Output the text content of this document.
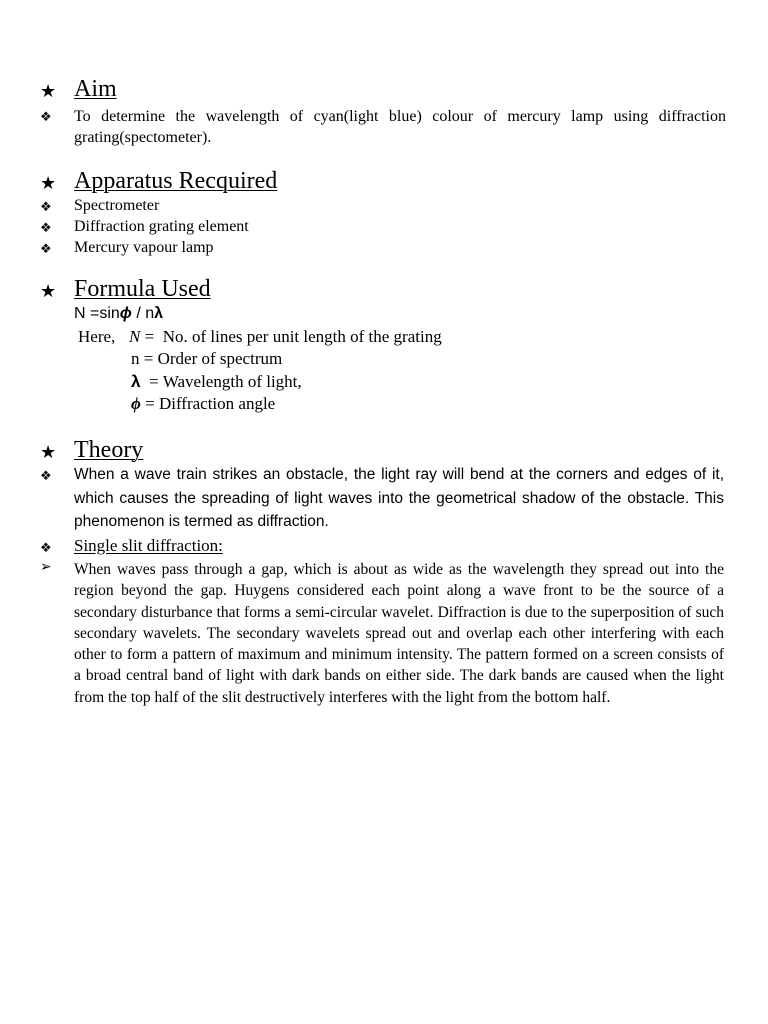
★ Aim
❖ To determine the wavelength of cyan(light blue) colour of mercury lamp using diffraction grating(spectometer).
★ Apparatus Recquired
❖ Spectrometer
❖ Diffraction grating element
❖ Mercury vapour lamp
★ Formula Used
N =sinϕ / nλ
Here, N =  No. of lines per unit length of the grating
n = Order of spectrum
λ  = Wavelength of light,
ϕ = Diffraction angle
★ Theory
❖ When a wave train strikes an obstacle, the light ray will bend at the corners and edges of it, which causes the spreading of light waves into the geometrical shadow of the obstacle. This phenomenon is termed as diffraction.
❖ Single slit diffraction:
➢ When waves pass through a gap, which is about as wide as the wavelength they spread out into the region beyond the gap. Huygens considered each point along a wave front to be the source of a secondary disturbance that forms a semi-circular wavelet. Diffraction is due to the superposition of such secondary wavelets. The secondary wavelets spread out and overlap each other interfering with each other to form a pattern of maximum and minimum intensity. The pattern formed on a screen consists of a broad central band of light with dark bands on either side. The dark bands are caused when the light from the top half of the slit destructively interferes with the light from the bottom half.
